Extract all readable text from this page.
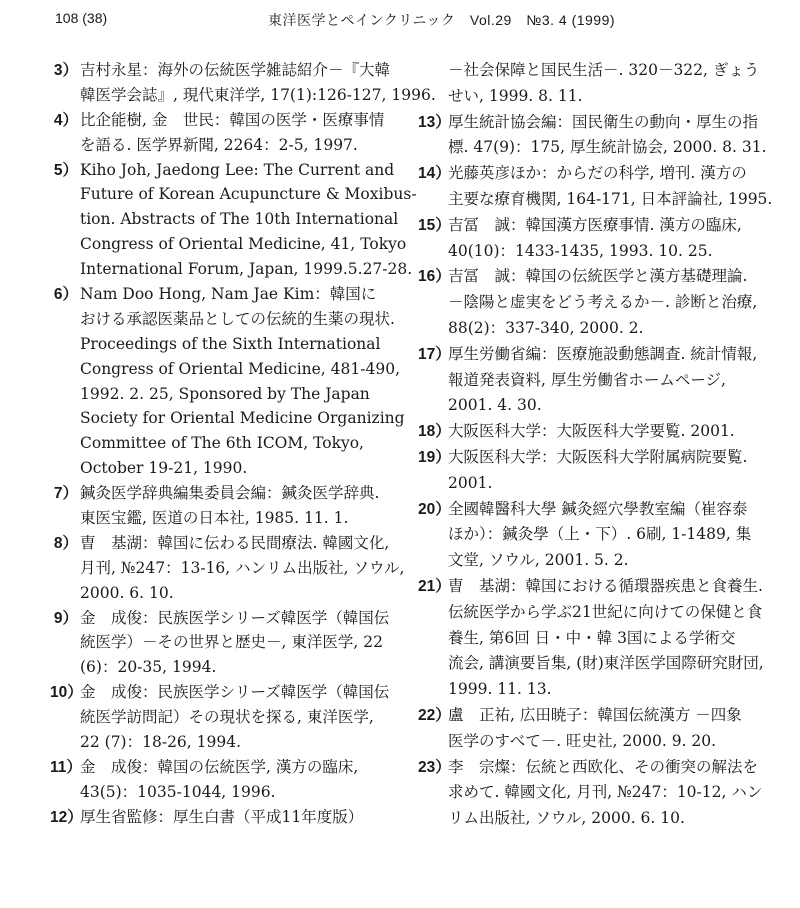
108 (38)	東洋医学とペインクリニック　Vol.29　№3. 4 (1999)
3） 吉村永星：海外の伝統医学雑誌紹介－『大韓
韓医学会誌』, 現代東洋学, 17(1):126-127, 1996.
4） 比企能樹, 金　世民：韓国の医学・医療事情
を語る. 医学界新聞, 2264：2-5, 1997.
5） Kiho Joh, Jaedong Lee: The Current and
Future of Korean Acupuncture & Moxibus-
tion. Abstracts of The 10th International
Congress of Oriental Medicine, 41, Tokyo
International Forum, Japan, 1999.5.27-28.
6） Nam Doo Hong, Nam Jae Kim：韓国に
おける承認医薬品としての伝統的生薬の現状.
Proceedings of the Sixth International
Congress of Oriental Medicine, 481-490,
1992. 2. 25, Sponsored by The Japan
Society for Oriental Medicine Organizing
Committee of The 6th ICOM, Tokyo,
October 19-21, 1990.
7） 鍼灸医学辞典編集委員会編：鍼灸医学辞典.
東医宝鑑, 医道の日本社, 1985. 11. 1.
8） 曺　基湖：韓国に伝わる民間療法. 韓國文化,
月刊, №247：13-16, ハンリム出版社, ソウル,
2000. 6. 10.
9） 金　成俊：民族医学シリーズ韓医学（韓国伝
統医学）－その世界と歴史－, 東洋医学, 22
(6)：20-35, 1994.
10）
金　成俊：民族医学シリーズ韓医学（韓国伝
統医学訪問記）その現状を探る, 東洋医学,
22 (7)：18-26, 1994.
11）
金　成俊：韓国の伝統医学, 漢方の臨床,
43(5)：1035-1044, 1996.
12）
厚生省監修：厚生白書（平成11年度版）
－社会保障と国民生活－. 320－322, ぎょう
せい, 1999. 8. 11.
13）
厚生統計協会編：国民衛生の動向・厚生の指
標. 47(9)：175, 厚生統計協会, 2000. 8. 31.
14）
光藤英彦ほか：からだの科学, 増刊. 漢方の
主要な療育機関, 164-171, 日本評論社, 1995.
15）
吉冨　誠：韓国漢方医療事情. 漢方の臨床,
40(10)：1433-1435, 1993. 10. 25.
16）
吉冨　誠：韓国の伝統医学と漢方基礎理論.
－陰陽と虚実をどう考えるか－. 診断と治療,
88(2)：337-340, 2000. 2.
17）
厚生労働省編：医療施設動態調査. 統計情報,
報道発表資料, 厚生労働省ホームページ,
2001. 4. 30.
18）
大阪医科大学：大阪医科大学要覧. 2001.
19）
大阪医科大学：大阪医科大学附属病院要覧.
2001.
20）
全國韓醫科大學 鍼灸經穴學教室編（崔容泰
ほか）：鍼灸學（上・下）. 6刷, 1-1489, 集
文堂, ソウル, 2001. 5. 2.
21）
曺　基湖：韓国における循環器疾患と食養生.
伝統医学から学ぶ21世紀に向けての保健と食
養生, 第6回 日・中・韓 3国による学術交
流会, 講演要旨集, (財)東洋医学国際研究財団,
1999. 11. 13.
22）
盧　正祐, 広田暁子：韓国伝統漢方 －四象
医学のすべて－. 旺史社, 2000. 9. 20.
23）
李　宗燦：伝統と西欧化、その衝突の解法を
求めて. 韓國文化, 月刊, №247：10-12, ハン
リム出版社, ソウル, 2000. 6. 10.
